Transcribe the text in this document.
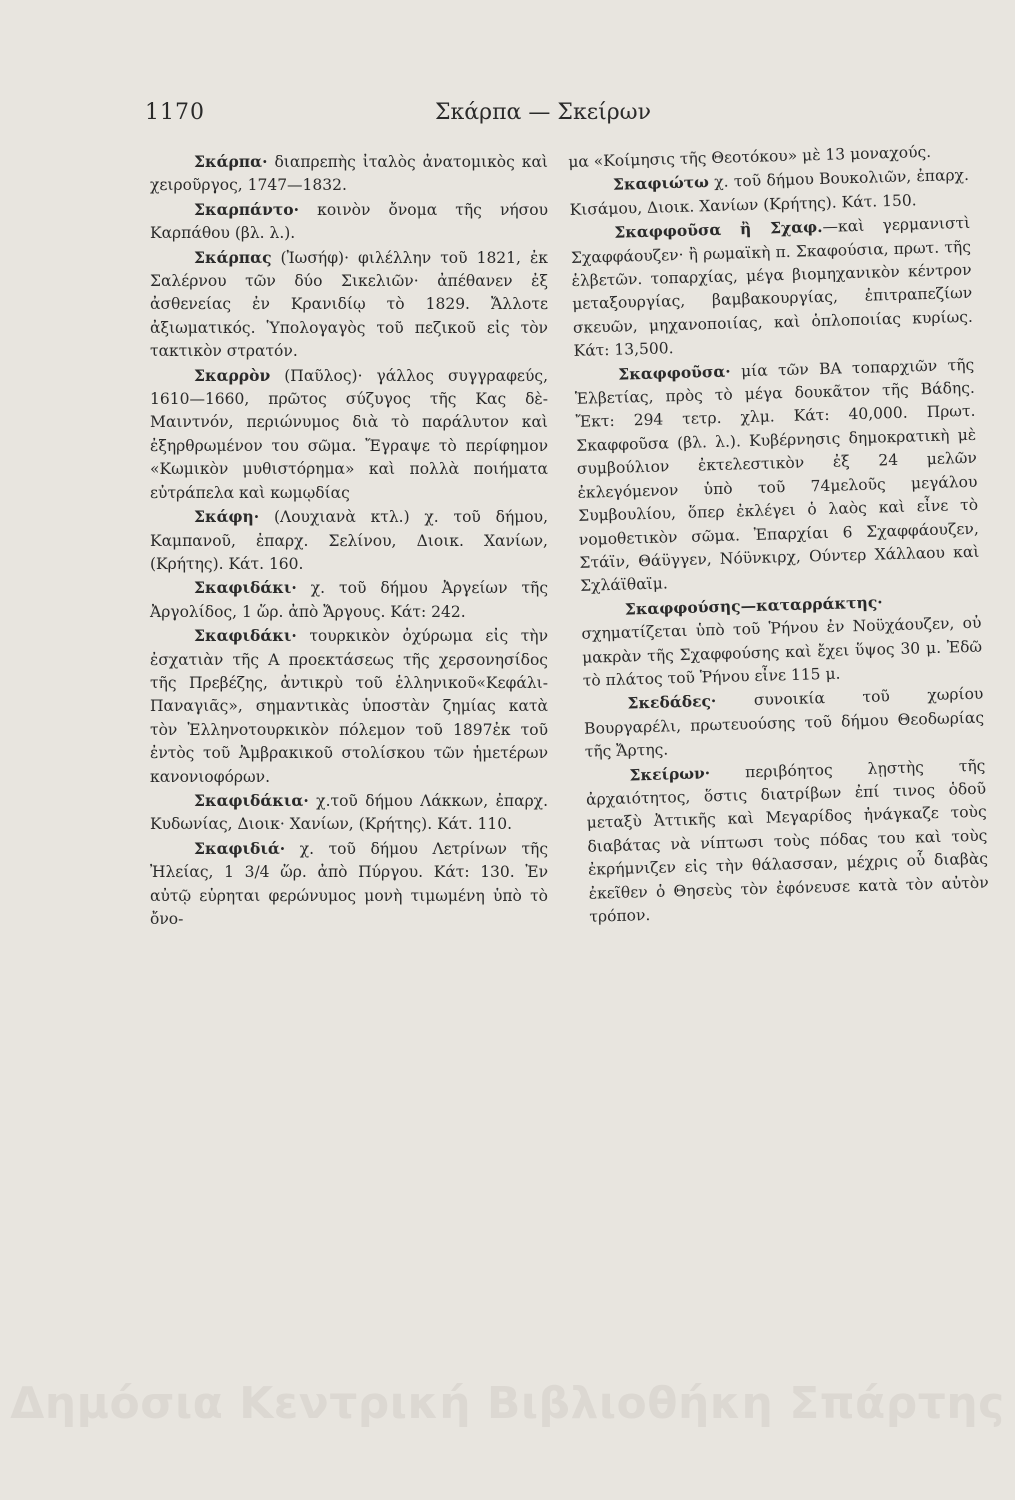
1170	Σκάρπα — Σκείρων

Σκάρπα· διαπρεπὴς ἰταλὸς ἀνατομικὸς καὶ χειροῦργος, 1747—1832.

Σκαρπάντο· κοινὸν ὄνομα τῆς νήσου Καρπάθου (βλ. λ.).

Σκάρπας (Ἰωσήφ)· φιλέλλην τοῦ 1821, ἐκ Σαλέρνου τῶν δύο Σικελιῶν· ἀπέθανεν ἐξ ἀσθενείας ἐν Κρανιδίῳ τὸ 1829. Ἄλλοτε ἀξιωματικός. Ὑπολογαγὸς τοῦ πεζικοῦ εἰς τὸν τακτικὸν στρατόν.

Σκαρρὸν (Παῦλος)· γάλλος συγγραφεύς, 1610—1660, πρῶτος σύζυγος τῆς Κας δὲ-Μαιντνόν, περιώνυμος διὰ τὸ παράλυτον καὶ ἐξηρθρωμένον του σῶμα. Ἔγραψε τὸ περίφημον «Κωμικὸν μυθιστόρημα» καὶ πολλὰ ποιήματα εὐτράπελα καὶ κωμῳδίας

Σκάφη· (Λουχιανὰ κτλ.) χ. τοῦ δήμου, Καμπανοῦ, ἐπαρχ. Σελίνου, Διοικ. Χανίων, (Κρήτης). Κάτ. 160.

Σκαφιδάκι· χ. τοῦ δήμου Ἀργείων τῆς Ἀργολίδος, 1 ὥρ. ἀπὸ Ἄργους. Κάτ: 242.

Σκαφιδάκι· τουρκικὸν ὀχύρωμα εἰς τὴν ἐσχατιὰν τῆς Α προεκτάσεως τῆς χερσονησίδος τῆς Πρεβέζης, ἀντικρὺ τοῦ ἑλληνικοῦ«Κεφάλι-Παναγιᾶς», σημαντικὰς ὑποστὰν ζημίας κατὰ τὸν Ἑλληνοτουρκικὸν πόλεμον τοῦ 1897ἐκ τοῦ ἐντὸς τοῦ Ἀμβρακικοῦ στολίσκου τῶν ἡμετέρων κανονιοφόρων.

Σκαφιδάκια· χ.τοῦ δήμου Λάκκων, ἐπαρχ. Κυδωνίας, Διοικ· Χανίων, (Κρήτης). Κάτ. 110.

Σκαφιδιά· χ. τοῦ δήμου Λετρίνων τῆς Ἠλείας, 1 3/4 ὥρ. ἀπὸ Πύργου. Κάτ: 130. Ἐν αὐτῷ εὑρηται φερώνυμος μονὴ τιμωμένη ὑπὸ τὸ ὄνο-

μα «Κοίμησις τῆς Θεοτόκου» μὲ 13 μοναχούς.

Σκαφιώτω χ. τοῦ δήμου Βουκολιῶν, ἐπαρχ. Κισάμου, Διοικ. Χανίων (Κρήτης). Κάτ. 150.

Σκαφφοῦσα ἢ Σχαφ.—καὶ γερμανιστὶ Σχαφφάουζεν· ἢ ρωμαϊκὴ π. Σκαφούσια, πρωτ. τῆς ἑλβετῶν. τοπαρχίας, μέγα βιομηχανικὸν κέντρον μεταξουργίας, βαμβακουργίας, ἐπιτραπεζίων σκευῶν, μηχανοποιίας, καὶ ὁπλοποιίας κυρίως. Κάτ: 13,500.

Σκαφφοῦσα· μία τῶν ΒΑ τοπαρχιῶν τῆς Ἑλβετίας, πρὸς τὸ μέγα δουκᾶτον τῆς Βάδης. Ἔκτ: 294 τετρ. χλμ. Κάτ: 40,000. Πρωτ. Σκαφφοῦσα (βλ. λ.). Κυβέρνησις δημοκρατικὴ μὲ συμβούλιον ἐκτελεστικὸν ἐξ 24 μελῶν ἐκλεγόμενον ὑπὸ τοῦ 74μελοῦς μεγάλου Συμβουλίου, ὅπερ ἐκλέγει ὁ λαὸς καὶ εἶνε τὸ νομοθετικὸν σῶμα. Ἐπαρχίαι 6 Σχαφφάουζεν, Στάϊν, Θάϋγγεν, Νόϋνκιρχ, Ούντερ Χάλλαου καὶ Σχλάϊθαϊμ.

Σκαφφούσης—καταρράκτης· σχηματίζεται ὑπὸ τοῦ Ῥήνου ἐν Νοϋχάουζεν, οὐ μακρὰν τῆς Σχαφφούσης καὶ ἔχει ὕψος 30 μ. Ἐδῶ τὸ πλάτος τοῦ Ῥήνου εἶνε 115 μ.

Σκεδάδες· συνοικία τοῦ χωρίου Βουργαρέλι, πρωτευούσης τοῦ δήμου Θεοδωρίας τῆς Ἄρτης.

Σκείρων· περιβόητος λῃστὴς τῆς ἀρχαιότητος, ὅστις διατρίβων ἐπί τινος ὁδοῦ μεταξὺ Ἀττικῆς καὶ Μεγαρίδος ἠνάγκαζε τοὺς διαβάτας νὰ νίπτωσι τοὺς πόδας του καὶ τοὺς ἐκρήμνιζεν εἰς τὴν θάλασσαν, μέχρις οὗ διαβὰς ἐκεῖθεν ὁ Θησεὺς τὸν ἐφόνευσε κατὰ τὸν αὐτὸν τρόπον.

Δημόσια Κεντρική Βιβλιοθήκη Σπάρτης
